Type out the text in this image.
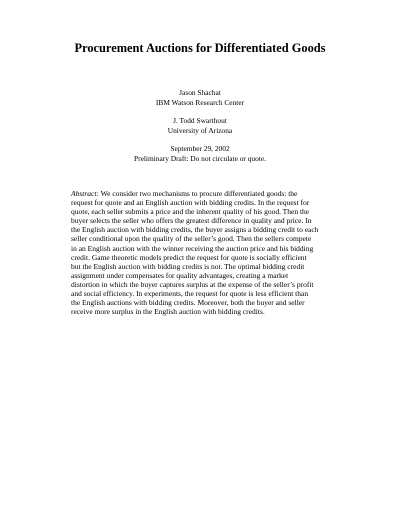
Procurement Auctions for Differentiated Goods
Jason Shachat
IBM Watson Research Center
J. Todd Swarthout
University of Arizona
September 29, 2002
Preliminary Draft: Do not circulate or quote.
Abstract: We consider two mechanisms to procure differentiated goods: the
request for quote and an English auction with bidding credits. In the request for
quote, each seller submits a price and the inherent quality of his good. Then the
buyer selects the seller who offers the greatest difference in quality and price. In
the English auction with bidding credits, the buyer assigns a bidding credit to each
seller conditional upon the quality of the seller’s good. Then the sellers compete
in an English auction with the winner receiving the auction price and his bidding
credit. Game theoretic models predict the request for quote is socially efficient
but the English auction with bidding credits is not. The optimal bidding credit
assignment under compensates for quality advantages, creating a market
distortion in which the buyer captures surplus at the expense of the seller’s profit
and social efficiency. In experiments, the request for quote is less efficient than
the English auctions with bidding credits. Moreover, both the buyer and seller
receive more surplus in the English auction with bidding credits.
